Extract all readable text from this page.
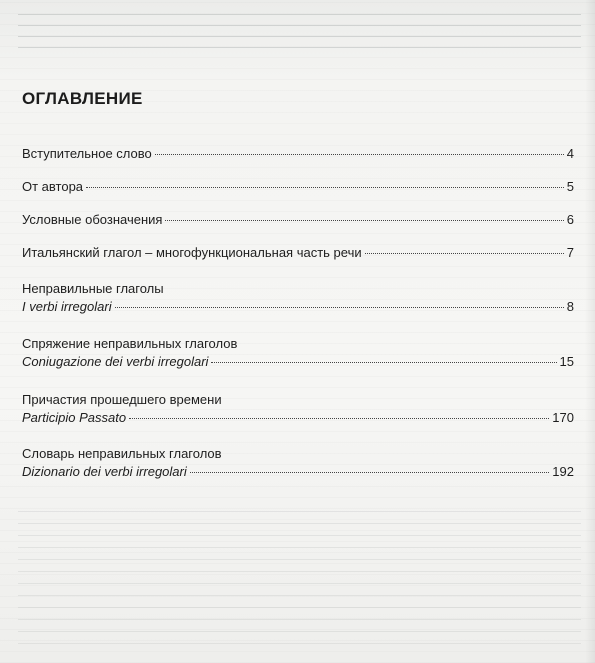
ОГЛАВЛЕНИЕ
Вступительное слово	4
От автора	5
Условные обозначения	6
Итальянский глагол – многофункциональная часть речи	7
Неправильные глаголы
I verbi irregolari	8
Спряжение неправильных глаголов
Coniugazione dei verbi irregolari	15
Причастия прошедшего времени
Participio Passato	170
Словарь неправильных глаголов
Dizionario dei verbi irregolari	192
